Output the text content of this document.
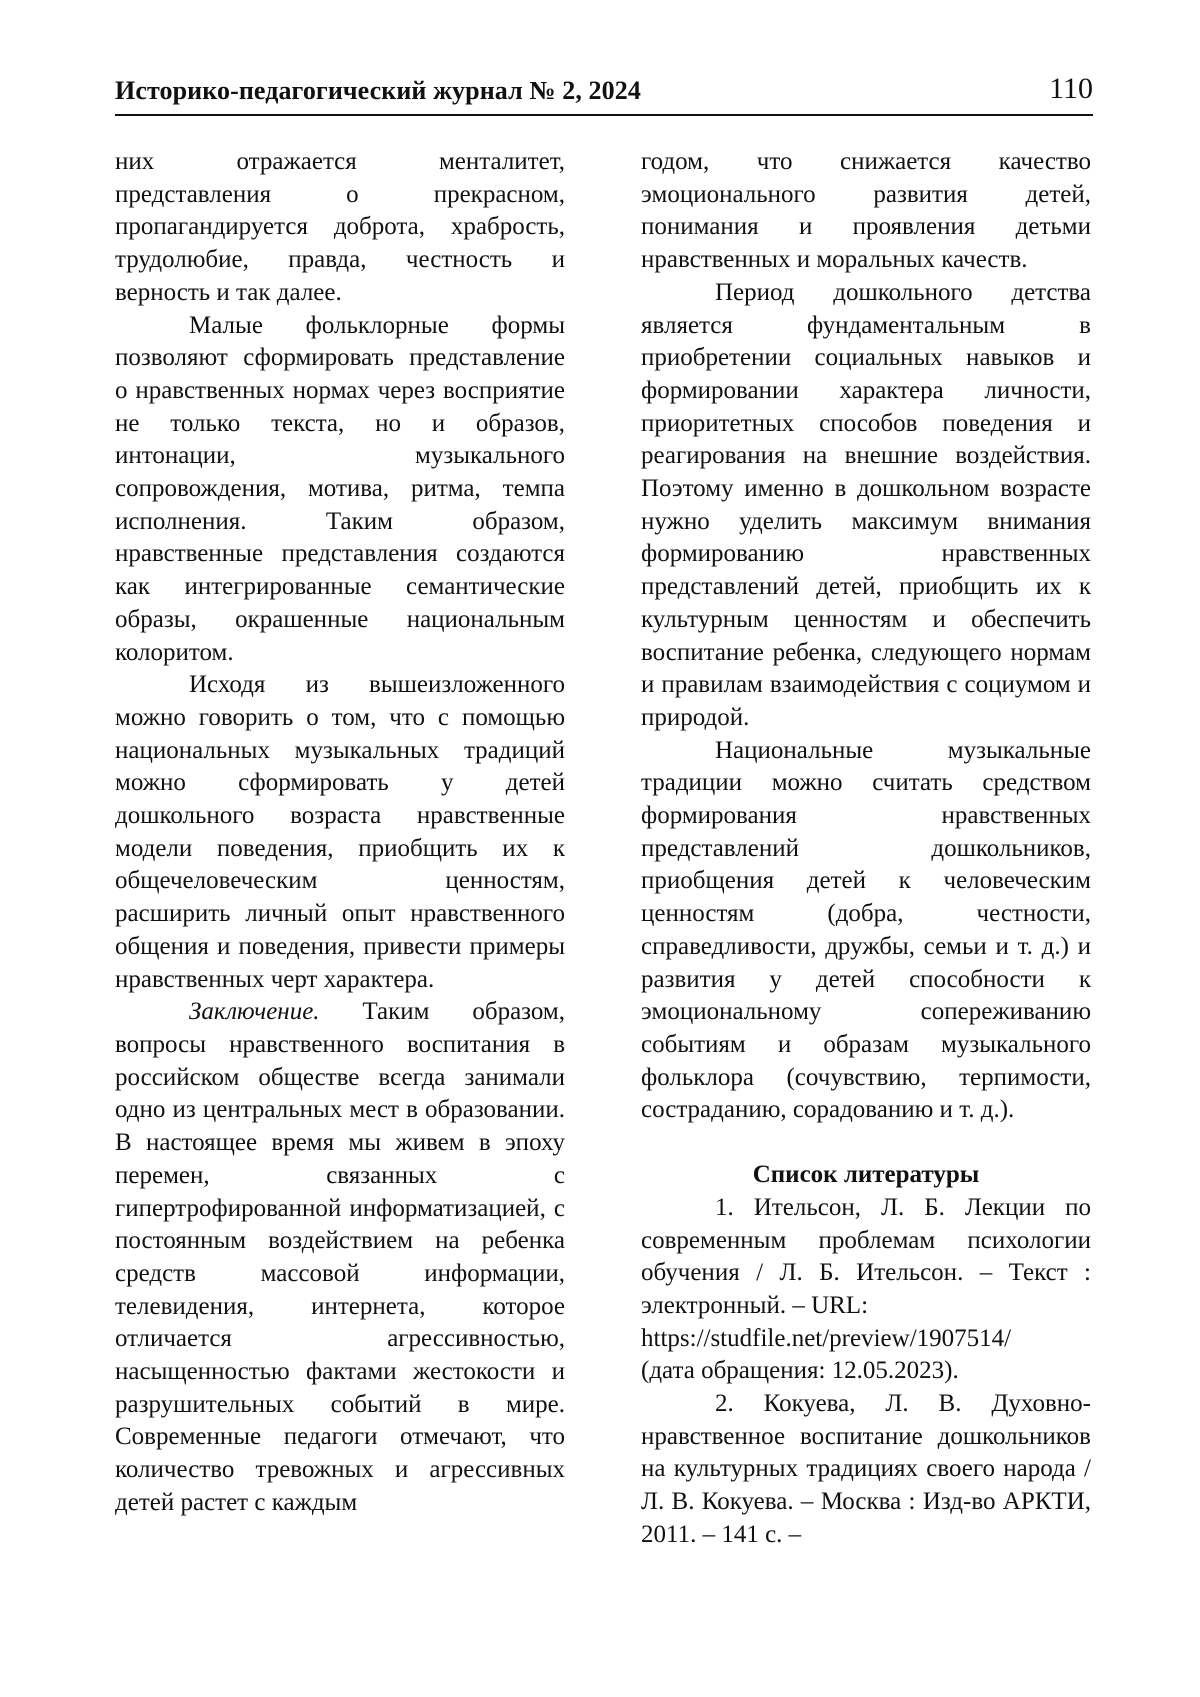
Историко-педагогический журнал № 2, 2024	110

них отражается менталитет, представления о прекрасном, пропагандируется доброта, храбрость, трудолюбие, правда, честность и верность и так далее.

Малые фольклорные формы позволяют сформировать представление о нравственных нормах через восприятие не только текста, но и образов, интонации, музыкального сопровождения, мотива, ритма, темпа исполнения. Таким образом, нравственные представления создаются как интегрированные семантические образы, окрашенные национальным колоритом.

Исходя из вышеизложенного можно говорить о том, что с помощью национальных музыкальных традиций можно сформировать у детей дошкольного возраста нравственные модели поведения, приобщить их к общечеловеческим ценностям, расширить личный опыт нравственного общения и поведения, привести примеры нравственных черт характера.

Заключение. Таким образом, вопросы нравственного воспитания в российском обществе всегда занимали одно из центральных мест в образовании. В настоящее время мы живем в эпоху перемен, связанных с гипертрофированной информатизацией, с постоянным воздействием на ребенка средств массовой информации, телевидения, интернета, которое отличается агрессивностью, насыщенностью фактами жестокости и разрушительных событий в мире. Современные педагоги отмечают, что количество тревожных и агрессивных детей растет с каждым

годом, что снижается качество эмоционального развития детей, понимания и проявления детьми нравственных и моральных качеств.

Период дошкольного детства является фундаментальным в приобретении социальных навыков и формировании характера личности, приоритетных способов поведения и реагирования на внешние воздействия. Поэтому именно в дошкольном возрасте нужно уделить максимум внимания формированию нравственных представлений детей, приобщить их к культурным ценностям и обеспечить воспитание ребенка, следующего нормам и правилам взаимодействия с социумом и природой.

Национальные музыкальные традиции можно считать средством формирования нравственных представлений дошкольников, приобщения детей к человеческим ценностям (добра, честности, справедливости, дружбы, семьи и т. д.) и развития у детей способности к эмоциональному сопереживанию событиям и образам музыкального фольклора (сочувствию, терпимости, состраданию, сорадованию и т. д.).

Список литературы

1. Ительсон, Л. Б. Лекции по современным проблемам психологии обучения / Л. Б. Ительсон. – Текст : электронный. – URL:

https://studfile.net/preview/1907514/

(дата обращения: 12.05.2023).

2. Кокуева, Л. В. Духовно-нравственное воспитание дошкольников на культурных традициях своего народа / Л. В. Кокуева. – Москва : Изд-во АРКТИ, 2011. – 141 с. –
